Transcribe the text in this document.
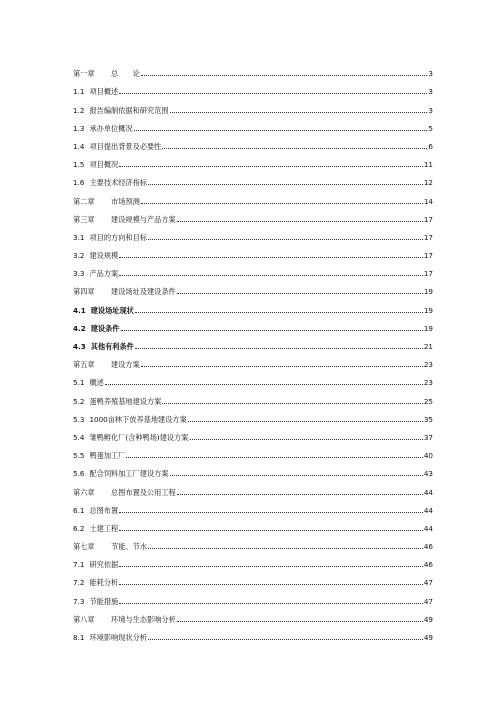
第一章	总　　论	3
1.1 项目概述	3
1.2 报告编制依据和研究范围	3
1.3 承办单位概况	5
1.4 项目提出背景及必要性	6
1.5 项目概况	11
1.6 主要技术经济指标	12
第二章	市场预测	14
第三章	建设规模与产品方案	17
3.1 项目的方向和目标	17
3.2 建设规模	17
3.3 产品方案	17
第四章	建设场址及建设条件	19
4.1 建设场址现状	19
4.2 建设条件	19
4.3 其他有利条件	21
第五章	建设方案	23
5.1 概述	23
5.2 蛋鸭养殖基地建设方案	25
5.3 1000亩林下放养基地建设方案	35
5.4 雏鸭孵化厂(含种鸭场)建设方案	37
5.5 鸭蛋加工厂	40
5.6 配合饲料加工厂建设方案	43
第六章	总图布置及公用工程	44
6.1 总图布置	44
6.2 土建工程	44
第七章	节能、节水	46
7.1 研究依据	46
7.2 能耗分析	47
7.3 节能措施	47
第八章	环境与生态影响分析	49
8.1 环境影响现状分析	49
